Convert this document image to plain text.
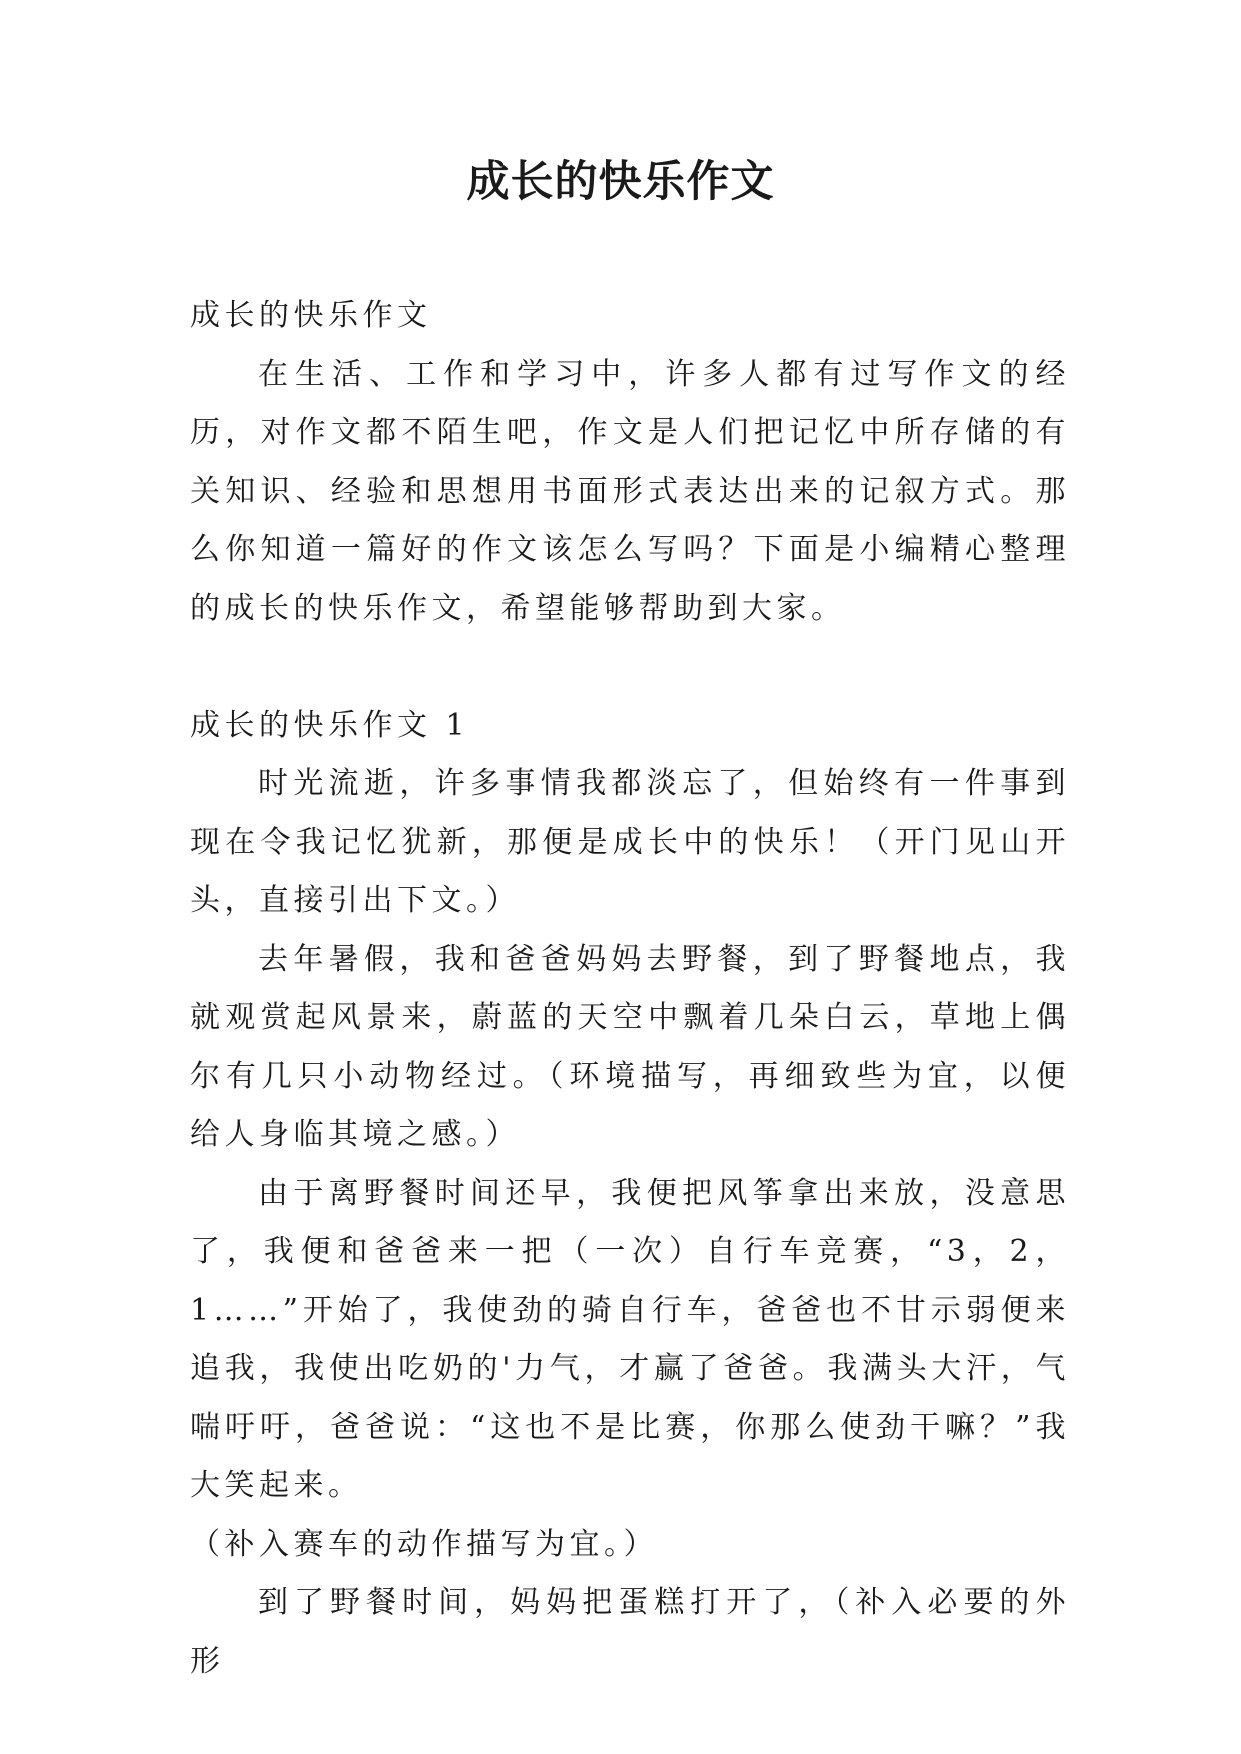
成长的快乐作文

成长的快乐作文

在生活、工作和学习中，许多人都有过写作文的经历，对作文都不陌生吧，作文是人们把记忆中所存储的有关知识、经验和思想用书面形式表达出来的记叙方式。那么你知道一篇好的作文该怎么写吗？下面是小编精心整理的成长的快乐作文，希望能够帮助到大家。

成长的快乐作文 1

时光流逝，许多事情我都淡忘了，但始终有一件事到现在令我记忆犹新，那便是成长中的快乐！（开门见山开头，直接引出下文。）

去年暑假，我和爸爸妈妈去野餐，到了野餐地点，我就观赏起风景来，蔚蓝的天空中飘着几朵白云，草地上偶尔有几只小动物经过。（环境描写，再细致些为宜，以便给人身临其境之感。）

由于离野餐时间还早，我便把风筝拿出来放，没意思了，我便和爸爸来一把（一次）自行车竞赛，“3，2，1……”开始了，我使劲的骑自行车，爸爸也不甘示弱便来追我，我使出吃奶的'力气，才赢了爸爸。我满头大汗，气喘吁吁，爸爸说：“这也不是比赛，你那么使劲干嘛？”我大笑起来。

（补入赛车的动作描写为宜。）

到了野餐时间，妈妈把蛋糕打开了，（补入必要的外形
